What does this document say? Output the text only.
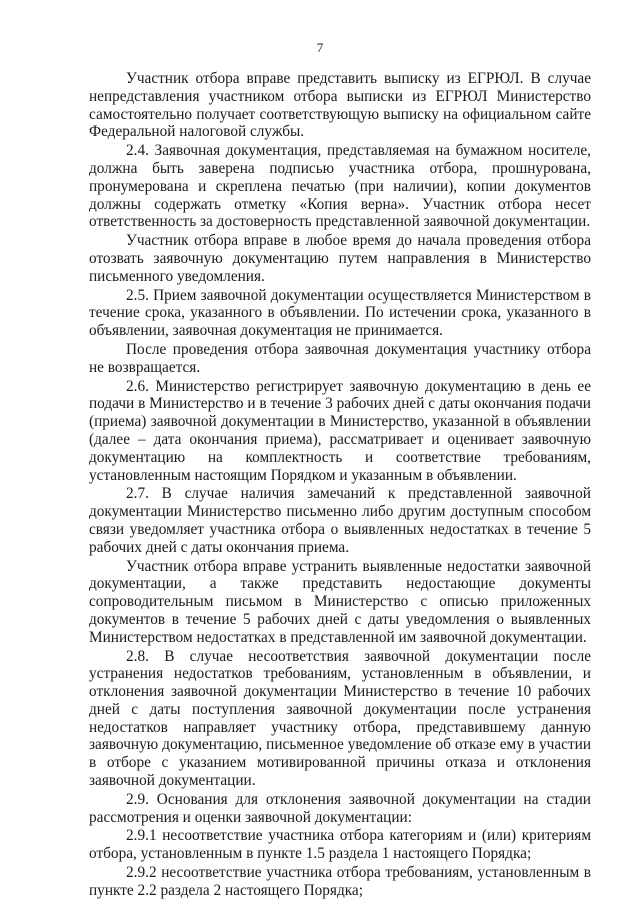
7

Участник отбора вправе представить выписку из ЕГРЮЛ. В случае непредставления участником отбора выписки из ЕГРЮЛ Министерство самостоятельно получает соответствующую выписку на официальном сайте Федеральной налоговой службы.

2.4. Заявочная документация, представляемая на бумажном носителе, должна быть заверена подписью участника отбора, прошнурована, пронумерована и скреплена печатью (при наличии), копии документов должны содержать отметку «Копия верна». Участник отбора несет ответственность за достоверность представленной заявочной документации.

Участник отбора вправе в любое время до начала проведения отбора отозвать заявочную документацию путем направления в Министерство письменного уведомления.

2.5. Прием заявочной документации осуществляется Министерством в течение срока, указанного в объявлении. По истечении срока, указанного в объявлении, заявочная документация не принимается.

После проведения отбора заявочная документация участнику отбора не возвращается.

2.6. Министерство регистрирует заявочную документацию в день ее подачи в Министерство и в течение 3 рабочих дней с даты окончания подачи (приема) заявочной документации в Министерство, указанной в объявлении (далее – дата окончания приема), рассматривает и оценивает заявочную документацию на комплектность и соответствие требованиям, установленным настоящим Порядком и указанным в объявлении.

2.7. В случае наличия замечаний к представленной заявочной документации Министерство письменно либо другим доступным способом связи уведомляет участника отбора о выявленных недостатках в течение 5 рабочих дней с даты окончания приема.

Участник отбора вправе устранить выявленные недостатки заявочной документации, а также представить недостающие документы сопроводительным письмом в Министерство с описью приложенных документов в течение 5 рабочих дней с даты уведомления о выявленных Министерством недостатках в представленной им заявочной документации.

2.8. В случае несоответствия заявочной документации после устранения недостатков требованиям, установленным в объявлении, и отклонения заявочной документации Министерство в течение 10 рабочих дней с даты поступления заявочной документации после устранения недостатков направляет участнику отбора, представившему данную заявочную документацию, письменное уведомление об отказе ему в участии в отборе с указанием мотивированной причины отказа и отклонения заявочной документации.

2.9. Основания для отклонения заявочной документации на стадии рассмотрения и оценки заявочной документации:

2.9.1 несоответствие участника отбора категориям и (или) критериям отбора, установленным в пункте 1.5 раздела 1 настоящего Порядка;

2.9.2 несоответствие участника отбора требованиям, установленным в пункте 2.2 раздела 2 настоящего Порядка;
